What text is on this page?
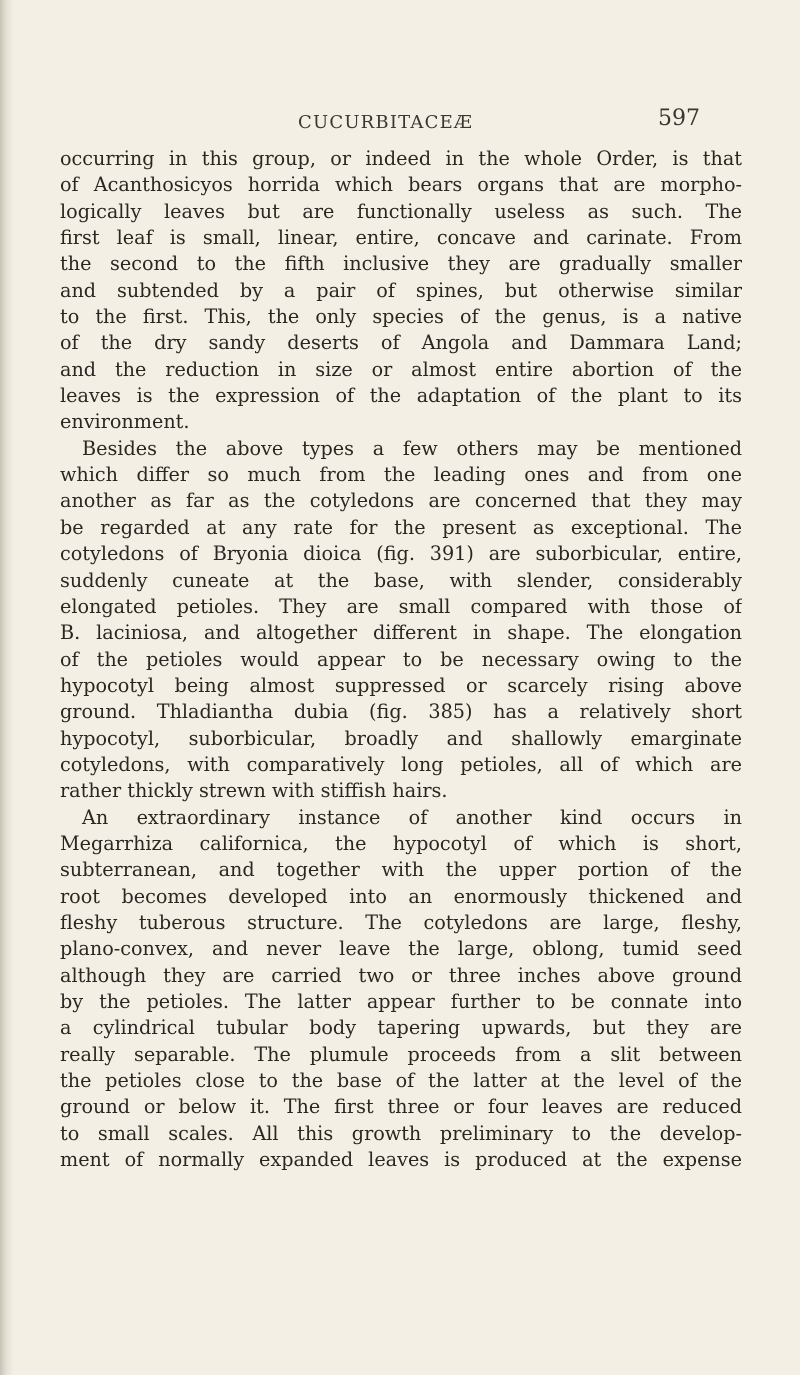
CUCURBITACEÆ	597
occurring in this group, or indeed in the whole Order, is that
of Acanthosicyos horrida which bears organs that are morpho-
logically leaves but are functionally useless as such. The
first leaf is small, linear, entire, concave and carinate. From
the second to the fifth inclusive they are gradually smaller
and subtended by a pair of spines, but otherwise similar
to the first. This, the only species of the genus, is a native
of the dry sandy deserts of Angola and Dammara Land;
and the reduction in size or almost entire abortion of the
leaves is the expression of the adaptation of the plant to its
environment.
Besides the above types a few others may be mentioned
which differ so much from the leading ones and from one
another as far as the cotyledons are concerned that they may
be regarded at any rate for the present as exceptional. The
cotyledons of Bryonia dioica (fig. 391) are suborbicular, entire,
suddenly cuneate at the base, with slender, considerably
elongated petioles. They are small compared with those of
B. laciniosa, and altogether different in shape. The elongation
of the petioles would appear to be necessary owing to the
hypocotyl being almost suppressed or scarcely rising above
ground. Thladiantha dubia (fig. 385) has a relatively short
hypocotyl, suborbicular, broadly and shallowly emarginate
cotyledons, with comparatively long petioles, all of which are
rather thickly strewn with stiffish hairs.
An extraordinary instance of another kind occurs in
Megarrhiza californica, the hypocotyl of which is short,
subterranean, and together with the upper portion of the
root becomes developed into an enormously thickened and
fleshy tuberous structure. The cotyledons are large, fleshy,
plano-convex, and never leave the large, oblong, tumid seed
although they are carried two or three inches above ground
by the petioles. The latter appear further to be connate into
a cylindrical tubular body tapering upwards, but they are
really separable. The plumule proceeds from a slit between
the petioles close to the base of the latter at the level of the
ground or below it. The first three or four leaves are reduced
to small scales. All this growth preliminary to the develop-
ment of normally expanded leaves is produced at the expense
